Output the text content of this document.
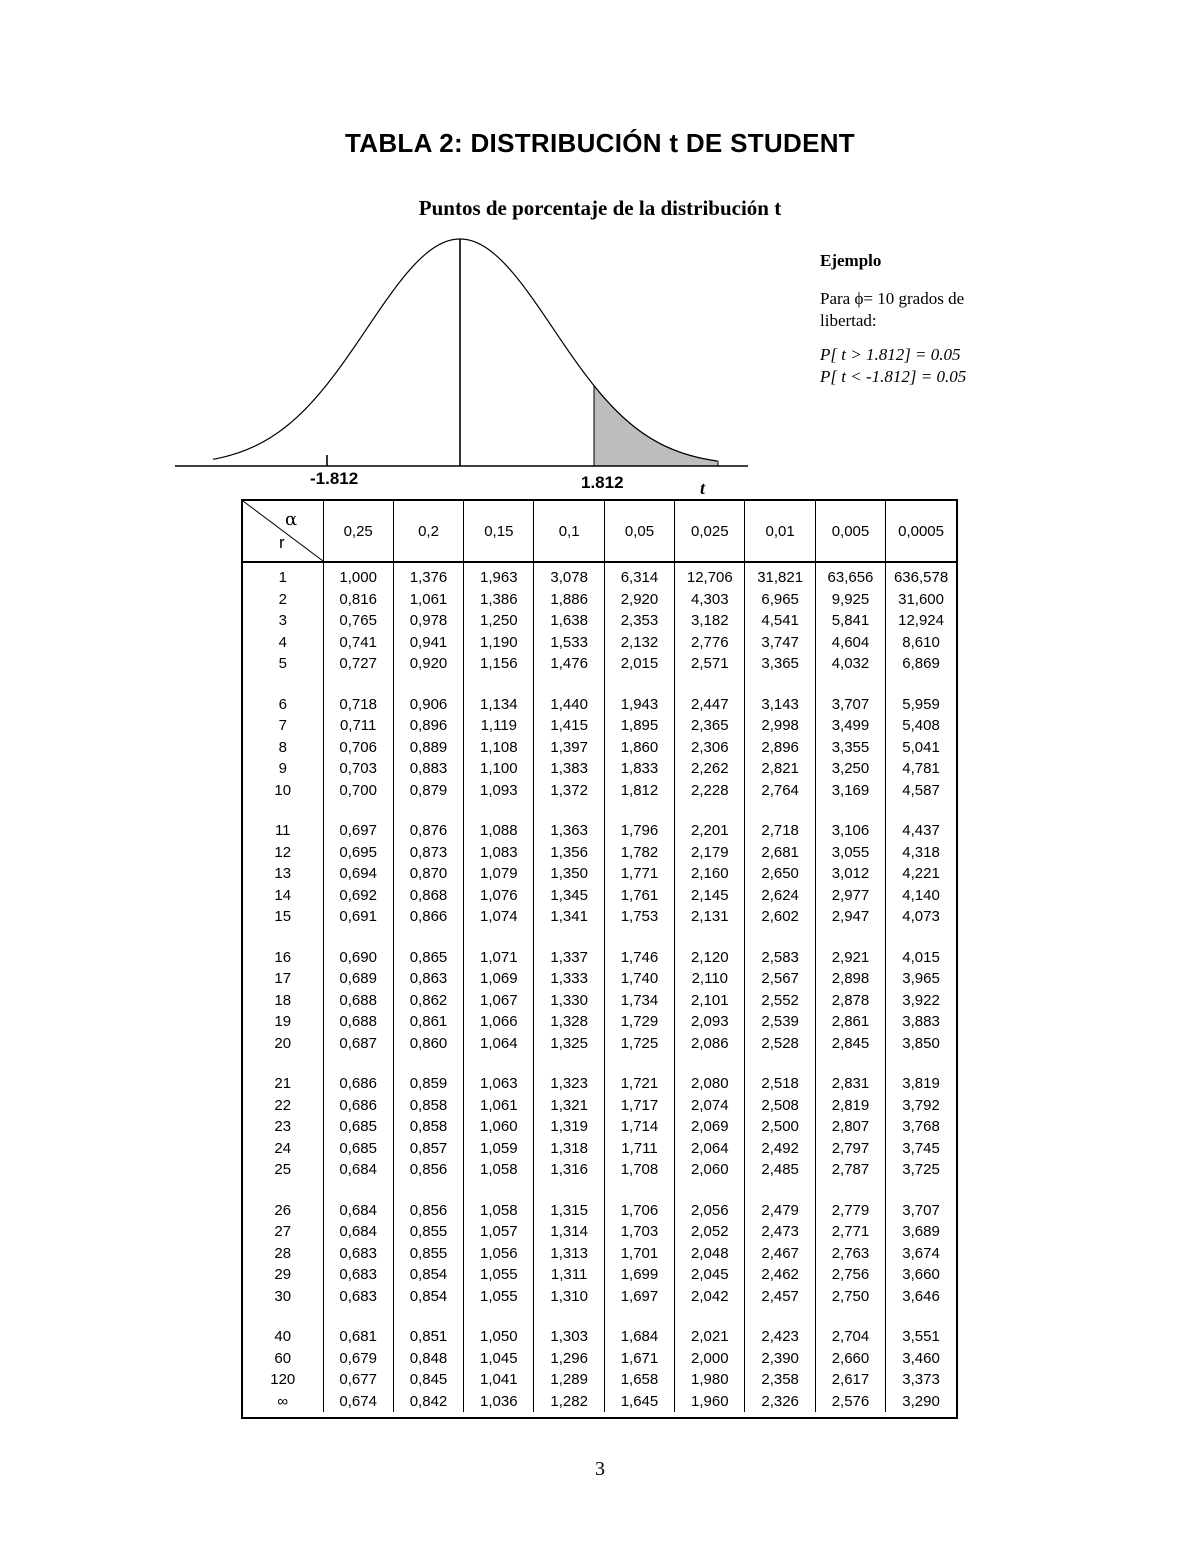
TABLA 2: DISTRIBUCIÓN t DE STUDENT
Puntos de porcentaje de la distribución t
-1.812	1.812	t
Ejemplo
Para ϕ= 10 grados de
libertad:
P[ t > 1.812] = 0.05
P[ t < -1.812] = 0.05
α
r	0,25	0,2	0,15	0,1	0,05	0,025	0,01	0,005	0,0005
1	1,000	1,376	1,963	3,078	6,314	12,706	31,821	63,656	636,578
2	0,816	1,061	1,386	1,886	2,920	4,303	6,965	9,925	31,600
3	0,765	0,978	1,250	1,638	2,353	3,182	4,541	5,841	12,924
4	0,741	0,941	1,190	1,533	2,132	2,776	3,747	4,604	8,610
5	0,727	0,920	1,156	1,476	2,015	2,571	3,365	4,032	6,869
6	0,718	0,906	1,134	1,440	1,943	2,447	3,143	3,707	5,959
7	0,711	0,896	1,119	1,415	1,895	2,365	2,998	3,499	5,408
8	0,706	0,889	1,108	1,397	1,860	2,306	2,896	3,355	5,041
9	0,703	0,883	1,100	1,383	1,833	2,262	2,821	3,250	4,781
10	0,700	0,879	1,093	1,372	1,812	2,228	2,764	3,169	4,587
11	0,697	0,876	1,088	1,363	1,796	2,201	2,718	3,106	4,437
12	0,695	0,873	1,083	1,356	1,782	2,179	2,681	3,055	4,318
13	0,694	0,870	1,079	1,350	1,771	2,160	2,650	3,012	4,221
14	0,692	0,868	1,076	1,345	1,761	2,145	2,624	2,977	4,140
15	0,691	0,866	1,074	1,341	1,753	2,131	2,602	2,947	4,073
16	0,690	0,865	1,071	1,337	1,746	2,120	2,583	2,921	4,015
17	0,689	0,863	1,069	1,333	1,740	2,110	2,567	2,898	3,965
18	0,688	0,862	1,067	1,330	1,734	2,101	2,552	2,878	3,922
19	0,688	0,861	1,066	1,328	1,729	2,093	2,539	2,861	3,883
20	0,687	0,860	1,064	1,325	1,725	2,086	2,528	2,845	3,850
21	0,686	0,859	1,063	1,323	1,721	2,080	2,518	2,831	3,819
22	0,686	0,858	1,061	1,321	1,717	2,074	2,508	2,819	3,792
23	0,685	0,858	1,060	1,319	1,714	2,069	2,500	2,807	3,768
24	0,685	0,857	1,059	1,318	1,711	2,064	2,492	2,797	3,745
25	0,684	0,856	1,058	1,316	1,708	2,060	2,485	2,787	3,725
26	0,684	0,856	1,058	1,315	1,706	2,056	2,479	2,779	3,707
27	0,684	0,855	1,057	1,314	1,703	2,052	2,473	2,771	3,689
28	0,683	0,855	1,056	1,313	1,701	2,048	2,467	2,763	3,674
29	0,683	0,854	1,055	1,311	1,699	2,045	2,462	2,756	3,660
30	0,683	0,854	1,055	1,310	1,697	2,042	2,457	2,750	3,646
40	0,681	0,851	1,050	1,303	1,684	2,021	2,423	2,704	3,551
60	0,679	0,848	1,045	1,296	1,671	2,000	2,390	2,660	3,460
120	0,677	0,845	1,041	1,289	1,658	1,980	2,358	2,617	3,373
∞	0,674	0,842	1,036	1,282	1,645	1,960	2,326	2,576	3,290
3
